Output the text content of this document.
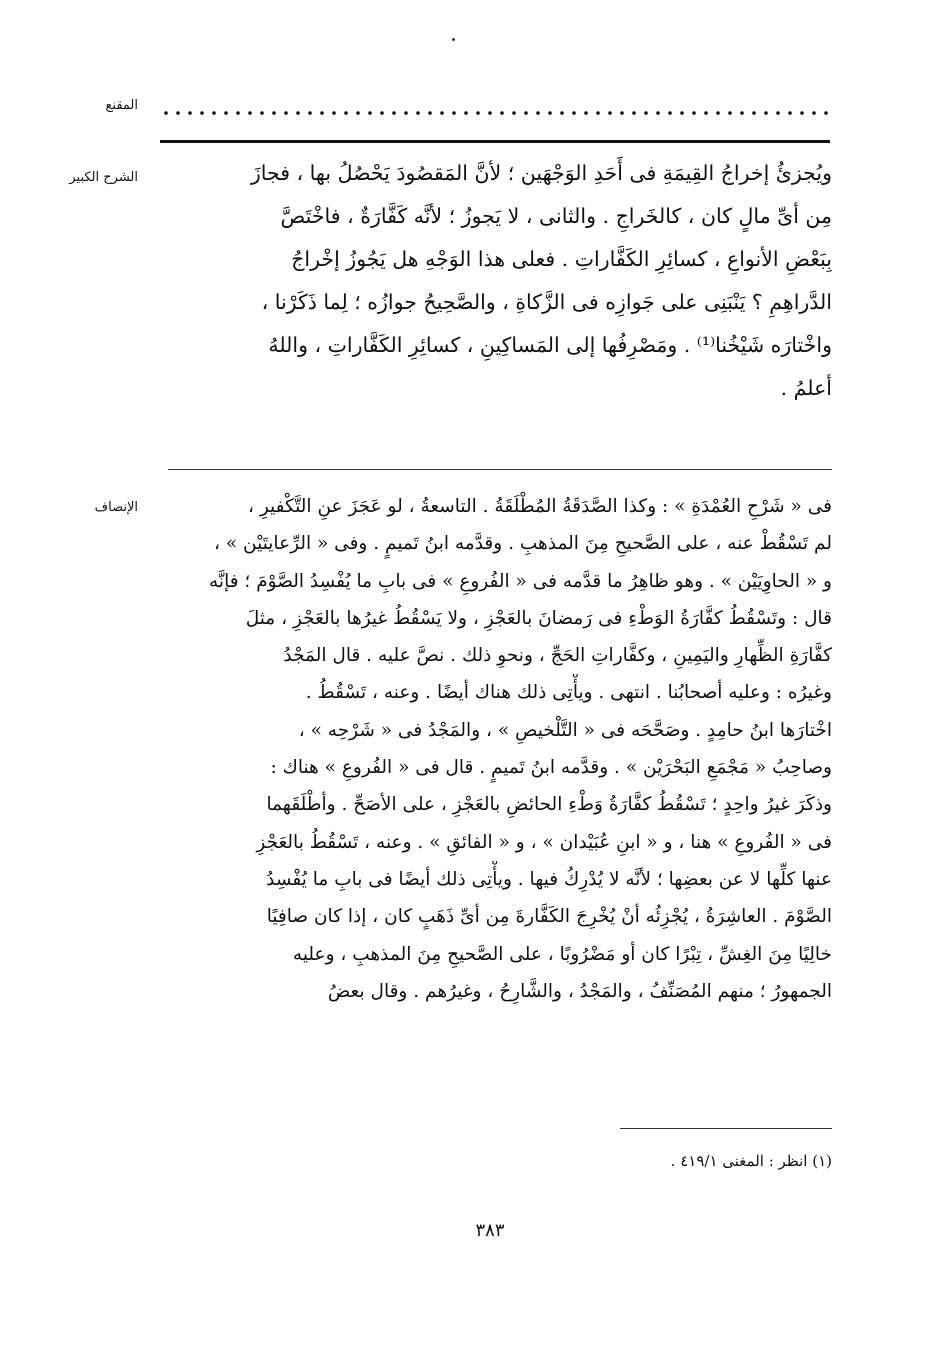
المقنع
الشرح الكبير	ويُجزئُ إخراجُ القِيمَةِ فى أَحَدِ الوَجْهَين ؛ لأنَّ المَقصُودَ يَحْصُلُ بها ، فجازَ
مِن أىِّ مالٍ كان ، كالخَراجِ . والثانى ، لا يَجوزُ ؛ لأنَّه كَفَّارَةٌ ، فاخْتَصَّ
بِبَعْضِ الأنواعِ ، كسائِرِ الكَفَّاراتِ . فعلى هذا الوَجْهِ هل يَجُوزُ إخْراجُ
الدَّراهِمِ ؟ يَنْبَنِى على جَوازِه فى الزَّكاةِ ، والصَّحِيحُ جوازُه ؛ لِما ذَكَرْنا ،
واخْتارَه شَيْخُنا⁽¹⁾ . ومَصْرِفُها إلى المَساكِينِ ، كسائِرِ الكَفَّاراتِ ، واللهُ
أعلمُ .
الإنصاف	فى « شَرْحِ العُمْدَةِ » : وكذا الصَّدَقَةُ المُطْلَقَةُ . التاسعةُ ، لو عَجَزَ عنِ التَّكْفيرِ ،
لم تَسْقُطْ عنه ، على الصَّحيحِ مِنَ المذهبِ . وقدَّمه ابنُ تَميمٍ . وفى « الرِّعايتَيْن » ،
و « الحاوِيَيْن » . وهو ظاهِرُ ما قدَّمه فى « الفُروعِ » فى بابِ ما يُفْسِدُ الصَّوْمَ ؛ فإنَّه
قال : وتَسْقُطُ كفَّارَةُ الوَطْءِ فى رَمضانَ بالعَجْزِ ، ولا يَسْقُطُ غيرُها بالعَجْزِ ، مثلَ
كفَّارَةِ الظِّهارِ واليَمِينِ ، وكفَّاراتِ الحَجِّ ، ونحوِ ذلك . نصَّ عليه . قال المَجْدُ
وغيرُه : وعليه أصحابُنا . انتهى . ويأْتِى ذلك هناك أيضًا . وعنه ، تَسْقُطُ .
اخْتارَها ابنُ حامِدٍ . وصَحَّحَه فى « التَّلْخيصِ » ، والمَجْدُ فى « شَرْحِه » ،
وصاحِبُ « مَجْمَعِ البَحْرَيْن » . وقدَّمه ابنُ تَميمٍ . قال فى « الفُروعِ » هناك :
وذكَرَ غيرُ واحِدٍ ؛ تَسْقُطُ كفَّارَةُ وَطْءِ الحائضِ بالعَجْزِ ، على الأصَحِّ . وأطْلَقَهما
فى « الفُروعِ » هنا ، و « ابنِ عُبَيْدان » ، و « الفائقِ » . وعنه ، تَسْقُطُ بالعَجْزِ
عنها كلِّها لا عن بعضِها ؛ لأنَّه لا يُدْرِكُ فيها . ويأْتِى ذلك أيضًا فى بابِ ما يُفْسِدُ
الصَّوْمَ . العاشِرَةُ ، يُجْزِئُه أنْ يُخْرِجَ الكَفَّارةَ مِن أىِّ ذَهَبٍ كان ، إذا كان صافِيًا
خالِيًا مِنَ الغِشِّ ، تِبْرًا كان أو مَضْرُوبًا ، على الصَّحيحِ مِنَ المذهبِ ، وعليه
الجمهورُ ؛ منهم المُصَنِّفُ ، والمَجْدُ ، والشَّارِحُ ، وغيرُهم . وقال بعضُ
(١) انظر : المغنى ٤١٩/١ .
٣٨٣
